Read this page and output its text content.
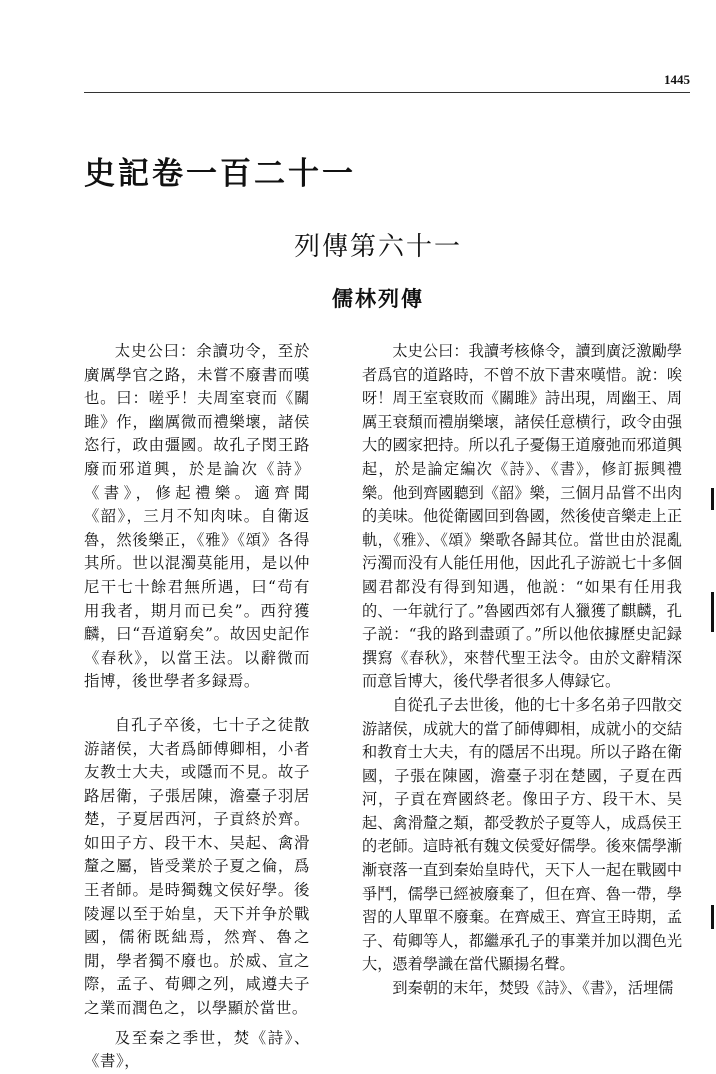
1445
史記卷一百二十一
列傳第六十一
儒林列傳

太史公曰：余讀功令，至於廣厲學官之路，未嘗不廢書而嘆也。曰：嗟乎！夫周室衰而《關雎》作，幽厲微而禮樂壞，諸侯恣行，政由彊國。故孔子閔王路廢而邪道興，於是論次《詩》《書》，修起禮樂。適齊聞《韶》，三月不知肉味。自衛返魯，然後樂正，《雅》《頌》各得其所。世以混濁莫能用，是以仲尼干七十餘君無所遇，曰“茍有用我者，期月而已矣”。西狩獲麟，曰“吾道窮矣”。故因史記作《春秋》，以當王法。以辭微而指博，後世學者多録焉。

自孔子卒後，七十子之徒散游諸侯，大者爲師傅卿相，小者友教士大夫，或隱而不見。故子路居衛，子張居陳，澹臺子羽居楚，子夏居西河，子貢終於齊。如田子方、段干木、吴起、禽滑釐之屬，皆受業於子夏之倫，爲王者師。是時獨魏文侯好學。後陵遲以至于始皇，天下并争於戰國，儒術既絀焉，然齊、魯之閒，學者獨不廢也。於威、宣之際，孟子、荀卿之列，咸遵夫子之業而潤色之，以學顯於當世。

及至秦之季世，焚《詩》、《書》，

太史公曰：我讀考核條令，讀到廣泛激勵學者爲官的道路時，不曾不放下書來嘆惜。說：唉呀！周王室衰敗而《關雎》詩出現，周幽王、周厲王衰頹而禮崩樂壞，諸侯任意横行，政令由强大的國家把持。所以孔子憂傷王道廢弛而邪道興起，於是論定編次《詩》、《書》，修訂振興禮樂。他到齊國聽到《韶》樂，三個月品嘗不出肉的美味。他從衛國回到魯國，然後使音樂走上正軌，《雅》、《頌》樂歌各歸其位。當世由於混亂污濁而没有人能任用他，因此孔子游説七十多個國君都没有得到知遇，他説：“如果有任用我的、一年就行了。”魯國西郊有人獵獲了麒麟，孔子説：“我的路到盡頭了。”所以他依據歷史記録撰寫《春秋》，來替代聖王法令。由於文辭精深而意旨博大，後代學者很多人傳録它。

自從孔子去世後，他的七十多名弟子四散交游諸侯，成就大的當了師傅卿相，成就小的交結和教育士大夫，有的隱居不出現。所以子路在衛國，子張在陳國，澹臺子羽在楚國，子夏在西河，子貢在齊國終老。像田子方、段干木、吴起、禽滑釐之類，都受教於子夏等人，成爲侯王的老師。這時衹有魏文侯愛好儒學。後來儒學漸漸衰落一直到秦始皇時代，天下人一起在戰國中爭鬥，儒學已經被廢棄了，但在齊、魯一帶，學習的人單單不廢棄。在齊威王、齊宣王時期，孟子、荀卿等人，都繼承孔子的事業并加以潤色光大，憑着學識在當代顯揚名聲。

到秦朝的末年，焚毁《詩》、《書》，活埋儒
